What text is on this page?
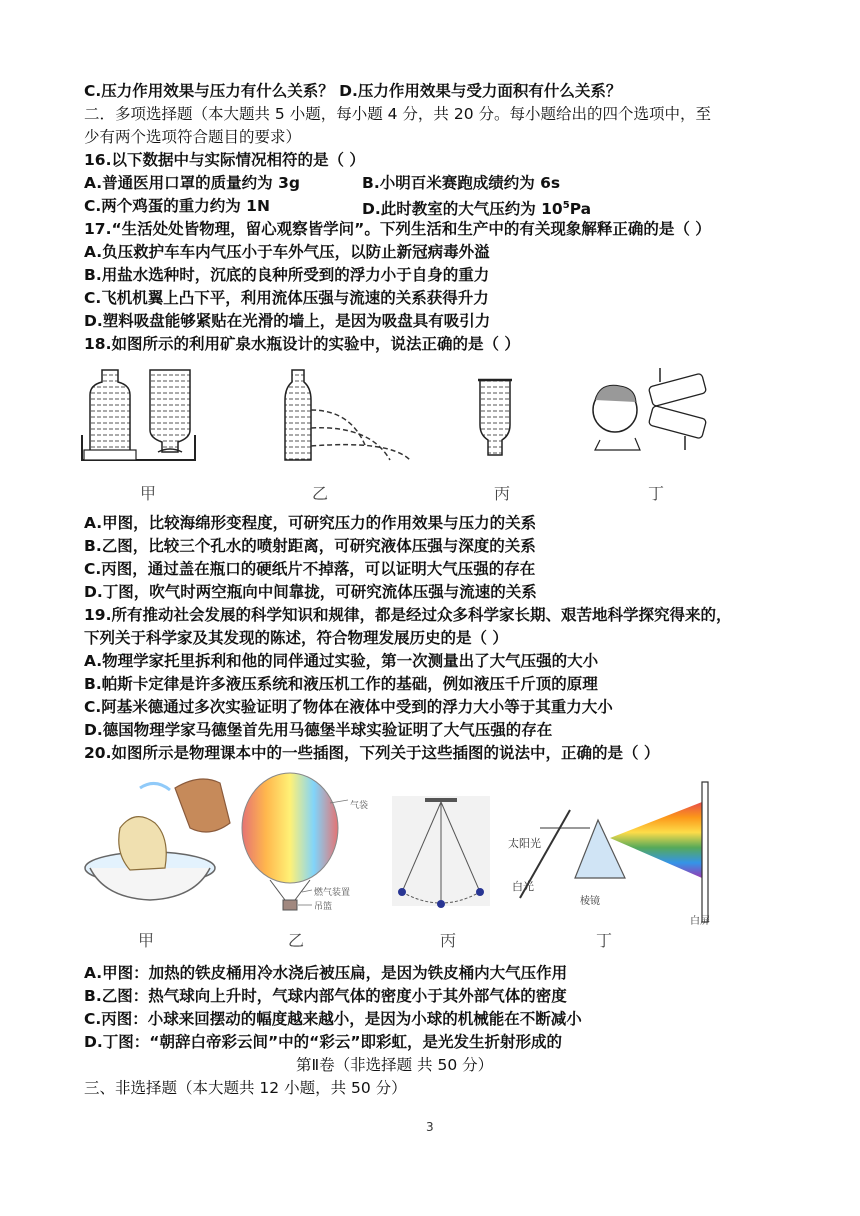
C.压力作用效果与压力有什么关系？ D.压力作用效果与受力面积有什么关系？
二．多项选择题（本大题共 5 小题，每小题 4 分，共 20 分。每小题给出的四个选项中，至
少有两个选项符合题目的要求）
16.以下数据中与实际情况相符的是（ ）
A.普通医用口罩的质量约为 3g	B.小明百米赛跑成绩约为 6s
C.两个鸡蛋的重力约为 1N	D.此时教室的大气压约为 $10^5Pa$
17.“生活处处皆物理，留心观察皆学问”。下列生活和生产中的有关现象解释正确的是（ ）
A.负压救护车车内气压小于车外气压，以防止新冠病毒外溢
B.用盐水选种时，沉底的良种所受到的浮力小于自身的重力
C.飞机机翼上凸下平，利用流体压强与流速的关系获得升力
D.塑料吸盘能够紧贴在光滑的墙上，是因为吸盘具有吸引力
18.如图所示的利用矿泉水瓶设计的实验中，说法正确的是（ ）
甲	乙	丙	丁
A.甲图，比较海绵形变程度，可研究压力的作用效果与压力的关系
B.乙图，比较三个孔水的喷射距离，可研究液体压强与深度的关系
C.丙图，通过盖在瓶口的硬纸片不掉落，可以证明大气压强的存在
D.丁图，吹气时两空瓶向中间靠拢，可研究流体压强与流速的关系
19.所有推动社会发展的科学知识和规律，都是经过众多科学家长期、艰苦地科学探究得来的，
下列关于科学家及其发现的陈述，符合物理发展历史的是（ ）
A.物理学家托里拆利和他的同伴通过实验，第一次测量出了大气压强的大小
B.帕斯卡定律是许多液压系统和液压机工作的基础，例如液压千斤顶的原理
C.阿基米德通过多次实验证明了物体在液体中受到的浮力大小等于其重力大小
D.德国物理学家马德堡首先用马德堡半球实验证明了大气压强的存在
20.如图所示是物理课本中的一些插图，下列关于这些插图的说法中，正确的是（ ）
气袋
燃气装置
吊篮
太阳光
白光
棱镜
白屏
甲	乙	丙	丁
A.甲图：加热的铁皮桶用冷水浇后被压扁，是因为铁皮桶内大气压作用
B.乙图：热气球向上升时，气球内部气体的密度小于其外部气体的密度
C.丙图：小球来回摆动的幅度越来越小，是因为小球的机械能在不断减小
D.丁图：“朝辞白帝彩云间”中的“彩云”即彩虹，是光发生折射形成的
第Ⅱ卷（非选择题 共 50 分）
三、非选择题（本大题共 12 小题，共 50 分）
3
